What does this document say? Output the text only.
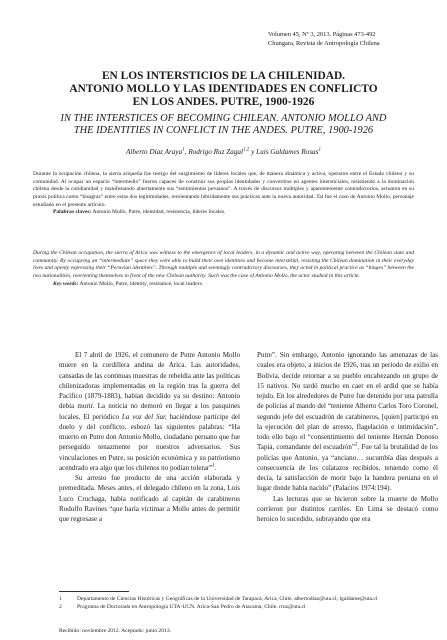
Volumen 45, Nº 3, 2013. Páginas 473-492
Chungara, Revista de Antropología Chilena
EN LOS INTERSTICIOS DE LA CHILENIDAD.
ANTONIO MOLLO Y LAS IDENTIDADES EN CONFLICTO
EN LOS ANDES. PUTRE, 1900-1926
IN THE INTERSTICES OF BECOMING CHILEAN. ANTONIO MOLLO AND
THE IDENTITIES IN CONFLICT IN THE ANDES. PUTRE, 1900-1926
Alberto Díaz Araya$^1$, Rodrigo Ruz Zagal$^{1,2}$ y Luis Galdames Rosas$^1$
Durante la ocupación chilena, la sierra ariqueña fue testigo del surgimiento de líderes locales que, de manera dinámica y activa, operaron entre el Estado chileno y su comunidad. Al ocupar un espacio “intermedio” fueron capaces de construir sus propias identidades y convertirse en agentes intersticiales, resistiendo a la dominación chilena desde la cotidianidad y manifestando abiertamente sus “sentimientos peruanos”. A través de discursos múltiples y aparentemente contradictorios, actuaron en su praxis política como “bisagras” entre estas dos legitimidades, reorientando hibridamente sus prácticas ante la nueva autoridad. Tal fue el caso de Antonio Mollo, personaje estudiado en el presente artículo.
Palabras claves: Antonio Mollo, Putre, identidad, resistencia, líderes locales.
During the Chilean occupation, the sierra of Arica was witness to the emergence of local leaders, in a dynamic and active way, operating between the Chilean state and community. By occupying an “intermediate” space they were able to build their own identities and become interstitial, resisting the Chilean domination in their everyday lives and openly expressing their “Peruvian identities”. Through multiple and seemingly contradictory discourses, they acted in political practice as “hinges” between the two nationalities, reorienting themselves in front of the new Chilean authority. Such was the case of Antonio Mollo, the actor studied in this article.
Key words: Antonio Mollo, Putre, identity, resistance, local leaders.

El 7 abril de 1926, el comunero de Putre Antonio Mollo muere en la cordillera andina de Arica. Las autoridades, cansadas de las continuas muestras de rebeldía ante las políticas chilenizadoras implementadas en la región tras la guerra del Pacífico (1879-1883), habían decidido ya su destino: Antonio debía morir. La noticia no demoró en llegar a los pasquines locales. El periódico La voz del Sur, haciéndose partícipe del duelo y del conflicto, esbozó las siguientes palabras: “Ha muerto en Putre don Antonio Mollo, ciudadano peruano que fue perseguido tenazmente por nuestros adversarios. Sus vinculaciones en Putre, su posición económica y su patriotismo acendrado era algo que los chilenos no podían tolerar”$^1$.

Su arresto fue producto de una acción elaborada y premeditada. Meses antes, el delegado chileno en la zona, Luis Luco Cruchaga, había notificado al capitán de carabineros Rodolfo Ravines “que haría victimar a Mollo antes de permitir que regresase a

Putre”. Sin embargo, Antonio ignorando las amenazas de las cuales era objeto, a inicios de 1926, tras un período de exilio en Bolivia, decide retornar a su pueblo encabezando un grupo de 15 nativos. No tardó mucho en caer en el ardid que se había tejido. En los alrededores de Putre fue detenido por una patrulla de policías al mando del “teniente Alberto Carlos Toro Coronel, segundo jefe del escuadrón de carabineros, [quien] participó en la ejecución del plan de arresto, flagelación e intimidación”, todo ello bajo el “consentimiento del teniente Hernán Donoso Tapia, comandante del escuadrón”$^2$. Fue tal la brutalidad de los policías que Antonio, ya “anciano… sucumbía días después a consecuencia de los culatazos recibidos, teniendo como él decía, la satisfacción de morir bajo la bandera peruana en el lugar donde había nacido” (Palacios 1974:194).

Las lecturas que se hicieron sobre la muerte de Mollo corrieron por distintos carriles. En Lima se destacó como heroico lo sucedido, subrayando que era

1	Departamento de Ciencias Históricas y Geográficas de la Universidad de Tarapacá, Arica, Chile. albertodiaz@uta.cl; lgaldame@uta.cl
2	Programa de Doctorado en Antropología UTA-UCN. Arica-San Pedro de Atacama, Chile. rruz@uta.cl
Recibido: noviembre 2012. Aceptado: junio 2013.
